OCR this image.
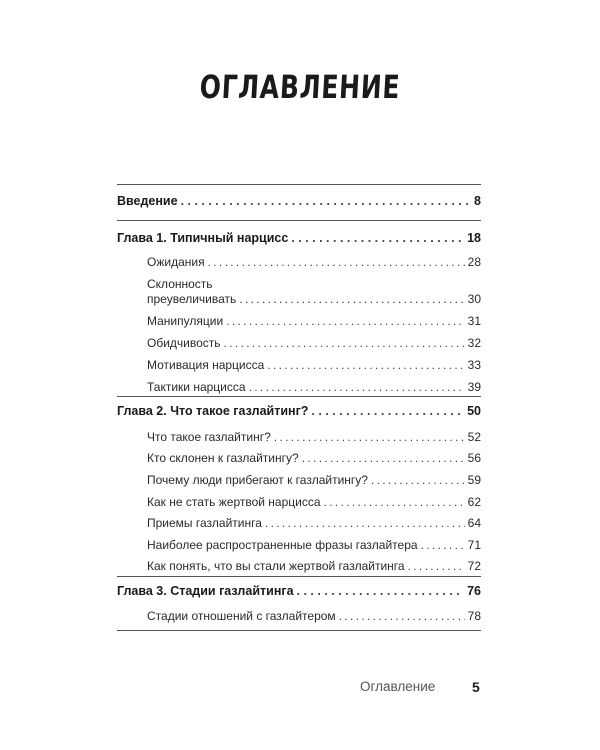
ОГЛАВЛЕНИЕ
Введение . . .	8
Глава 1. Типичный нарцисс . . .	18
Ожидания . . .	28
Склонность
преувеличивать . . .	30
Манипуляции . . .	31
Обидчивость . . .	32
Мотивация нарцисса . . .	33
Тактики нарцисса . . .	39
Глава 2. Что такое газлайтинг? . . .	50
Что такое газлайтинг? . . .	52
Кто склонен к газлайтингу? . . .	56
Почему люди прибегают к газлайтингу? . . .	59
Как не стать жертвой нарцисса . . .	62
Приемы газлайтинга . . .	64
Наиболее распространенные фразы газлайтера . . .	71
Как понять, что вы стали жертвой газлайтинга . . .	72
Глава 3. Стадии газлайтинга . . .	76
Стадии отношений с газлайтером . . .	78
Оглавление	5
